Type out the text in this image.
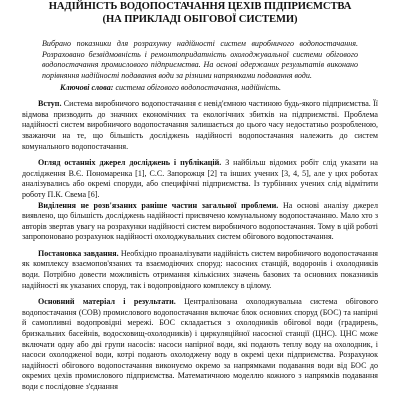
НАДІЙНІСТЬ ВОДОПОСТАЧАННЯ ЦЕХІВ ПІДПРИЄМСТВА
(НА ПРИКЛАДІ ОБІГОВОЇ СИСТЕМИ)
Вибрано показники для розрахунку надійності систем виробничого водопостачання. Розраховано безвідмовність і ремонтопридатність охолоджувальної системи обігового водопостачання промислового підприємства. На основі одержаних результатів виконано порівняння надійності подавання води за різними напрямками подавання води.
Ключові слова: система обігового водопостачання, надійність.

Вступ. Система виробничого водопостачання є невід'ємною частиною будь-якого підприємства. Її відмова призводить до значних економічних та екологічних збитків на підприємстві. Проблема надійності систем виробничого водопостачання залишається до цього часу недостатньо розробленою, зважаючи на те, що більшість досліджень надійності водопостачання належить до систем комунального водопостачання.

Огляд останніх джерел досліджень і публікацій. З найбільш відомих робіт слід указати на дослідження В.Є. Пономаренка [1], С.С. Запорожця [2] та інших учених [3, 4, 5], але у цих роботах аналізувались або окремі споруди, або специфічні підприємства. Із турбінних учених слід відмітити роботу П.К. Свема [6].

Виділення не розв'язаних раніше частин загальної проблеми. На основі аналізу джерел виявлено, що більшість досліджень надійності присвячено комунальному водопостачанню. Мало хто з авторів звертав увагу на розрахунки надійності систем виробничого водопостачання. Тому в цій роботі запропоновано розрахунок надійності охолоджувальних систем обігового водопостачання.

Постановка завдання. Необхідно проаналізувати надійність систем виробничого водопостачання як комплексу взаємопов'язаних та взаємодіючих споруд: насосних станцій, водоронів і охолодників води. Потрібно довести можливість отримання кількісних значень базових та основних показників надійності як указаних споруд, так і водопровідного комплексу в цілому.

Основний матеріал і результати. Централізована охолоджувальна система обігового водопостачання (СОВ) промислового водопостачання включає блок основних споруд (БОС) та напірні й самопливні водопровідні мережі. БОС складається з охолодників обігової води (градирень, бризкальних басейнів, водосховищ-охолодників) і циркуляційної насосної станції (ЦНС). ЦНС може включати одну або дві групи насосів: насоси напірної води, які подають теплу воду на охолодник, і насоси охолодженої води, котрі подають охолоджену воду в окремі цехи підприємства. Розрахунок надійності обігового водопостачання виконуємо окремо за напрямками подавання води від БОС до окремих цехів промислового підприємства. Математичною моделлю кожного з напрямків подавання води є послідовне з'єднання
